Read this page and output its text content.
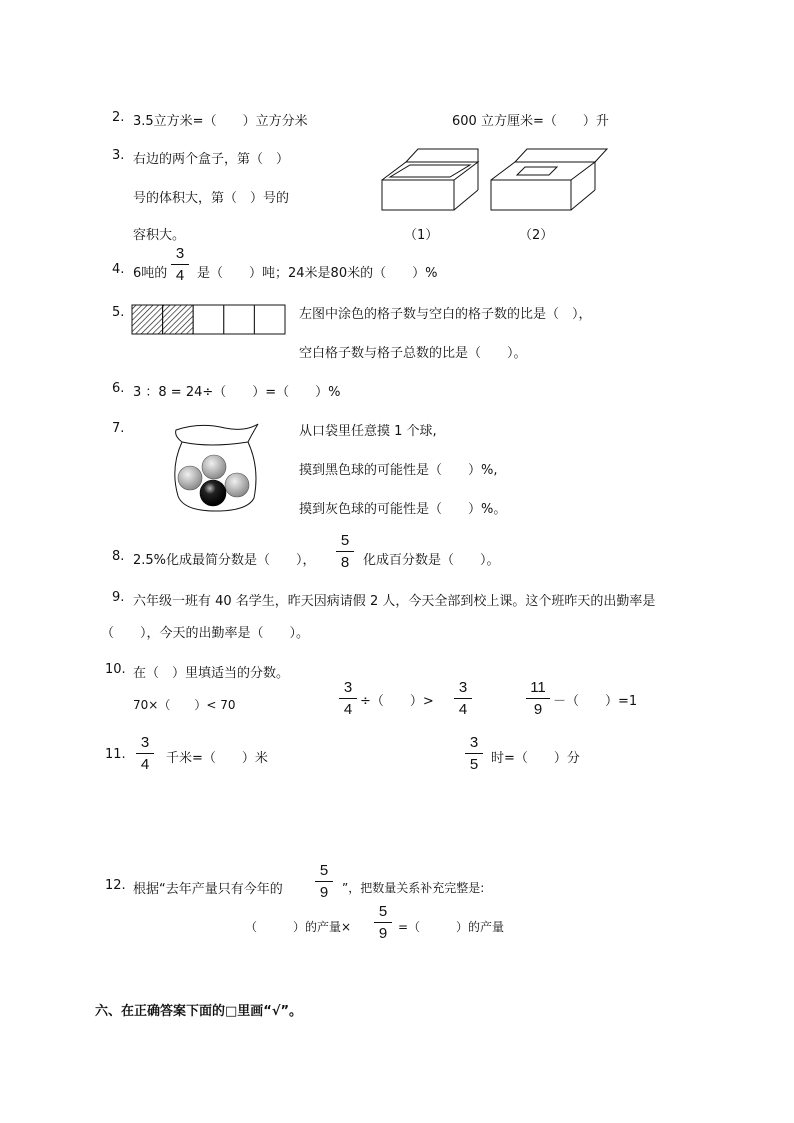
2. 3.5立方米=（　　）立方分米	600 立方厘米=（　　）升
3. 右边的两个盒子，第（　）
号的体积大，第（　）号的
容积大。	（1）	（2）
4. 6吨的
3
4 是（　　）吨；24米是80米的（　　）%
5.	左图中涂色的格子数与空白的格子数的比是（　），
空白格子数与格子总数的比是（　　）。
6. 3 ：8 = 24÷（　　）=（　　）%
7.	从口袋里任意摸 1 个球,
摸到黑色球的可能性是（　　）%,
摸到灰色球的可能性是（　　）%。
8. 2.5%化成最简分数是（　　），
5
8 化成百分数是（　　）。
9. 六年级一班有 40 名学生，昨天因病请假 2 人，今天全部到校上课。这个班昨天的出勤率是
（　　），今天的出勤率是（　　）。
10. 在（　）里填适当的分数。
70×（　　）< 70
3
4 ÷（　　）>
3
4
11
9 －（　　）=1
11.
3
4 千米=（　　）米
3
5 时=（　　）分
12. 根据“去年产量只有今年的
5
9 ”，把数量关系补充完整是:
（　　　）的产量×
5
9 =（　　　）的产量
六、在正确答案下面的□里画“√”。
